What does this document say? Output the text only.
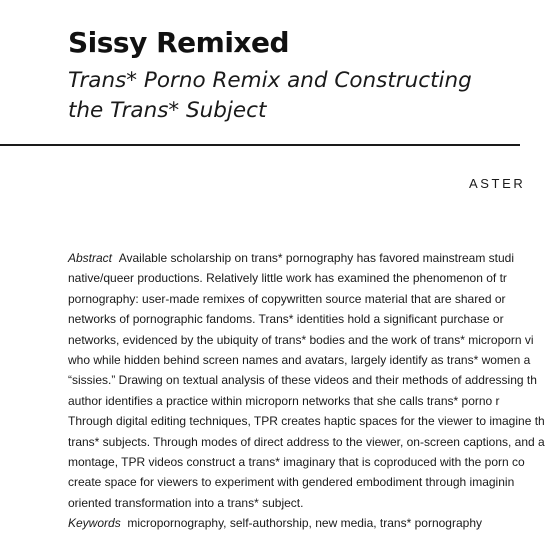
Sissy Remixed
Trans* Porno Remix and Constructing
the Trans* Subject
ASTER
Abstract Available scholarship on trans* pornography has favored mainstream studi
native/queer productions. Relatively little work has examined the phenomenon of tr
pornography: user-made remixes of copywritten source material that are shared or
networks of pornographic fandoms. Trans* identities hold a significant purchase or
networks, evidenced by the ubiquity of trans* bodies and the work of trans* microporn vi
who while hidden behind screen names and avatars, largely identify as trans* women a
“sissies.” Drawing on textual analysis of these videos and their methods of addressing th
author identifies a practice within microporn networks that she calls trans* porno r
Through digital editing techniques, TPR creates haptic spaces for the viewer to imagine th
trans* subjects. Through modes of direct address to the viewer, on-screen captions, and a
montage, TPR videos construct a trans* imaginary that is coproduced with the porn co
create space for viewers to experiment with gendered embodiment through imaginin
oriented transformation into a trans* subject.
Keywords micropornography, self-authorship, new media, trans* pornography
